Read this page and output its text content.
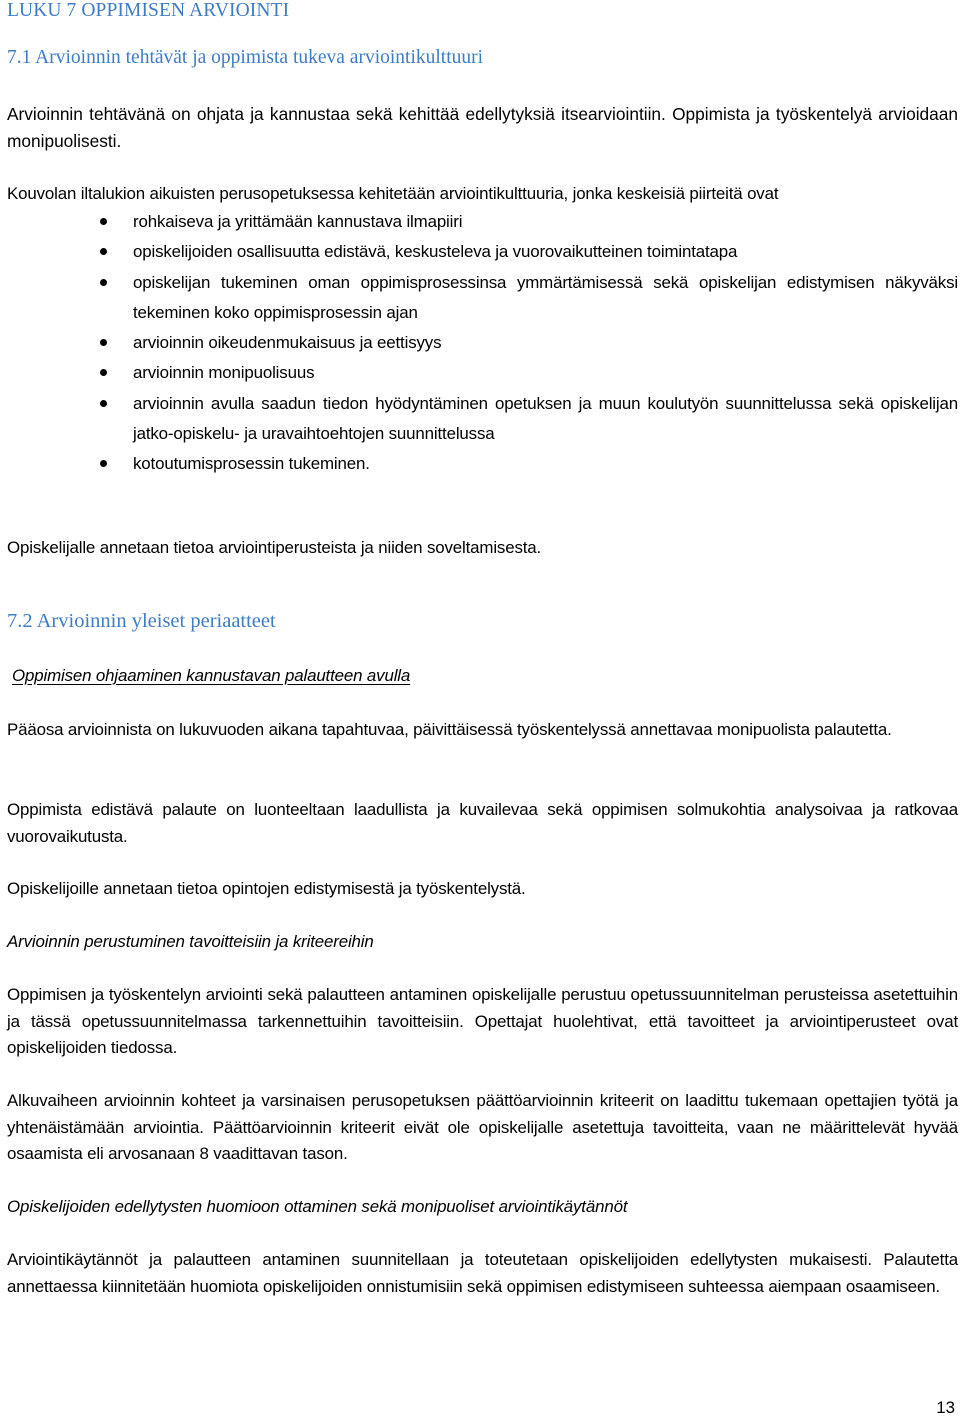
LUKU 7 OPPIMISEN ARVIOINTI
7.1 Arvioinnin tehtävät ja oppimista tukeva arviointikulttuuri

Arvioinnin tehtävänä on ohjata ja kannustaa sekä kehittää edellytyksiä itsearviointiin. Oppimista ja työskentelyä arvioidaan monipuolisesti.

Kouvolan iltalukion aikuisten perusopetuksessa kehitetään arviointikulttuuria, jonka keskeisiä piirteitä ovat

rohkaiseva ja yrittämään kannustava ilmapiiri
opiskelijoiden osallisuutta edistävä, keskusteleva ja vuorovaikutteinen toimintatapa
opiskelijan tukeminen oman oppimisprosessinsa ymmärtämisessä sekä opiskelijan edistymisen näkyväksi tekeminen koko oppimisprosessin ajan
arvioinnin oikeudenmukaisuus ja eettisyys
arvioinnin monipuolisuus
arvioinnin avulla saadun tiedon hyödyntäminen opetuksen ja muun koulutyön suunnittelussa sekä opiskelijan jatko-opiskelu- ja uravaihtoehtojen suunnittelussa
kotoutumisprosessin tukeminen.

Opiskelijalle annetaan tietoa arviointiperusteista ja niiden soveltamisesta.

7.2 Arvioinnin yleiset periaatteet

Oppimisen ohjaaminen kannustavan palautteen avulla

Pääosa arvioinnista on lukuvuoden aikana tapahtuvaa, päivittäisessä työskentelyssä annettavaa monipuolista palautetta.

Oppimista edistävä palaute on luonteeltaan laadullista ja kuvailevaa sekä oppimisen solmukohtia analysoivaa ja ratkovaa vuorovaikutusta.

Opiskelijoille annetaan tietoa opintojen edistymisestä ja työskentelystä.

Arvioinnin perustuminen tavoitteisiin ja kriteereihin

Oppimisen ja työskentelyn arviointi sekä palautteen antaminen opiskelijalle perustuu opetussuunnitelman perusteissa asetettuihin ja tässä opetussuunnitelmassa tarkennettuihin tavoitteisiin. Opettajat huolehtivat, että tavoitteet ja arviointiperusteet ovat opiskelijoiden tiedossa.

Alkuvaiheen arvioinnin kohteet ja varsinaisen perusopetuksen päättöarvioinnin kriteerit on laadittu tukemaan opettajien työtä ja yhtenäistämään arviointia. Päättöarvioinnin kriteerit eivät ole opiskelijalle asetettuja tavoitteita, vaan ne määrittelevät hyvää osaamista eli arvosanaan 8 vaadittavan tason.

Opiskelijoiden edellytysten huomioon ottaminen sekä monipuoliset arviointikäytännöt

Arviointikäytännöt ja palautteen antaminen suunnitellaan ja toteutetaan opiskelijoiden edellytysten mukaisesti. Palautetta annettaessa kiinnitetään huomiota opiskelijoiden onnistumisiin sekä oppimisen edistymiseen suhteessa aiempaan osaamiseen.

13
